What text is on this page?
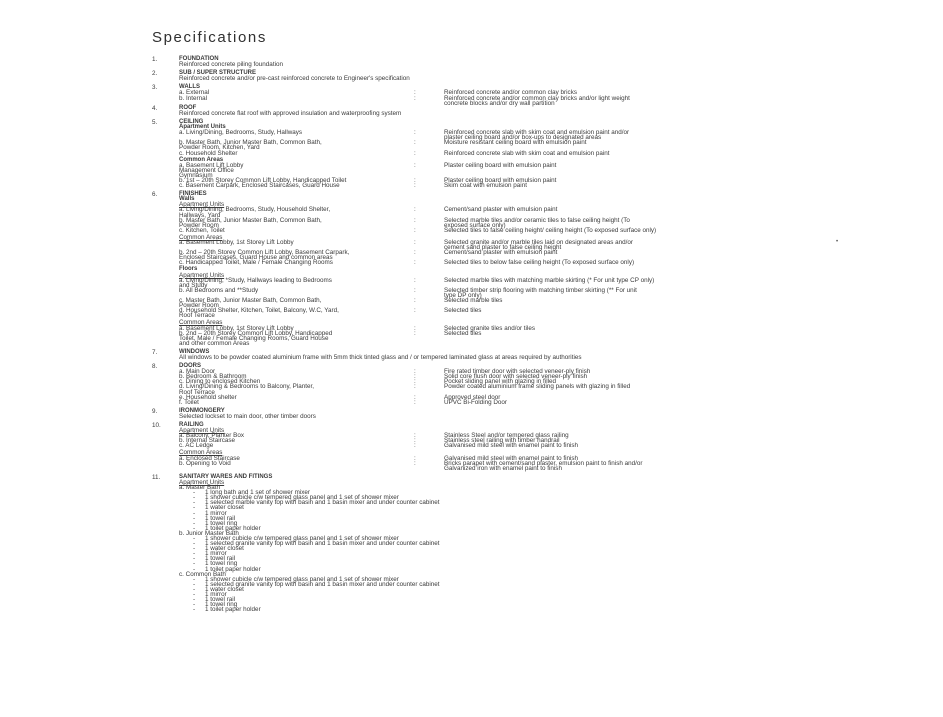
Specifications
1.	FOUNDATION
Reinforced concrete piling foundation
2.	SUB / SUPER STRUCTURE
Reinforced concrete and/or pre-cast reinforced concrete to Engineer's specification
3.	WALLS
a. External	:	Reinforced concrete and/or common clay bricks
b. Internal	:	Reinforced concrete and/or common clay bricks and/or light weight
concrete blocks and/or dry wall partition
4.	ROOF
Reinforced concrete flat roof with approved insulation and waterproofing system
5.	CEILING
Apartment Units
a. Living/Dining, Bedrooms, Study, Hallways	:	Reinforced concrete slab with skim coat and emulsion paint and/or
plaster ceiling board and/or box-ups to designated areas
b. Master Bath, Junior Master Bath, Common Bath,	:	Moisture resistant ceiling board with emulsion paint
Powder Room, Kitchen, Yard
c. Household Shelter	:	Reinforced concrete slab with skim coat and emulsion paint
Common Areas
a. Basement Lift Lobby	:	Plaster ceiling board with emulsion paint
Management Office
Gymnasium
b. 1st – 20th Storey Common Lift Lobby, Handicapped Toilet	:	Plaster ceiling board with emulsion paint
c. Basement Carpark, Enclosed Staircases, Guard House	:	Skim coat with emulsion paint
6.	FINISHES
Walls
Apartment Units
a. Living/Dining, Bedrooms, Study, Household Shelter,	:	Cement/sand plaster with emulsion paint
Hallways, Yard
b. Master Bath, Junior Master Bath, Common Bath,	:	Selected marble tiles and/or ceramic tiles to false ceiling height (To
Powder Room	exposed surface only)
c. Kitchen, Toilet	:	Selected tiles to false ceiling height/ ceiling height (To exposed surface only)
Common Areas
a. Basement Lobby, 1st Storey Lift Lobby	:	Selected granite and/or marble tiles laid on designated areas and/or
cement sand plaster to false ceiling height
b. 2nd – 20th Storey Common Lift Lobby, Basement Carpark,	:	Cement/sand plaster with emulsion paint
Enclosed Staircases, Guard House and common areas
c. Handicapped Toilet, Male / Female Changing Rooms	:	Selected tiles to below false ceiling height (To exposed surface only)
Floors
Apartment Units
a. Living/Dining, *Study, Hallways leading to Bedrooms	:	Selected marble tiles with matching marble skirting (* For unit type CP only)
and Study
b. All Bedrooms and **Study	:	Selected timber strip flooring with matching timber skirting (** For unit
type DP only)
c. Master Bath, Junior Master Bath, Common Bath,	:	Selected marble tiles
Powder Room
d. Household Shelter, Kitchen, Toilet, Balcony, W.C, Yard,	:	Selected tiles
Roof Terrace
Common Areas
a. Basement Lobby, 1st Storey Lift Lobby	:	Selected granite tiles and/or tiles
b. 2nd – 20th Storey Common Lift Lobby, Handicapped	:	Selected tiles
Toilet, Male / Female Changing Rooms, Guard House
and other common Areas
7.	WINDOWS
All windows to be powder coated aluminium frame with 5mm thick tinted glass and / or tempered laminated glass at areas required by authorities
8.	DOORS
a. Main Door	:	Fire rated timber door with selected veneer-ply finish
b. Bedroom & Bathroom	:	Solid core flush door with selected veneer-ply finish
c. Dining to enclosed Kitchen	:	Pocket sliding panel with glazing in filled
d. Living/Dining & Bedrooms to Balcony, Planter,	:	Powder coated aluminium frame sliding panels with glazing in filled
Roof Terrace
e. Household shelter	:	Approved steel door
f. Toilet	:	UPVC Bi-Folding Door
9.	IRONMONGERY
Selected lockset to main door, other timber doors
10.	RAILING
Apartment Units
a. Balcony, Planter Box	:	Stainless Steel and/or tempered glass railing
b. Internal Staircase	:	Stainless steel railing with timber handrail
c. AC Ledge	:	Galvanised mild steel with enamel paint to finish
Common Areas
a. Enclosed Staircase	:	Galvanised mild steel with enamel paint to finish
b. Opening to Void	:	Bricks parapet with cement/sand plaster, emulsion paint to finish and/or
Galvanized iron with enamel paint to finish
11.	SANITARY WARES AND FITINGS
Apartment Units
a. Master Bath
-	1 long bath and 1 set of shower mixer
-	1 shower cubicle c/w tempered glass panel and 1 set of shower mixer
-	1 selected marble vanity top with basin and 1 basin mixer and under counter cabinet
-	1 water closet
-	1 mirror
-	1 towel rail
-	1 towel ring
-	1 toilet paper holder
b. Junior Master Bath
-	1 shower cubicle c/w tempered glass panel and 1 set of shower mixer
-	1 selected granite vanity top with basin and 1 basin mixer and under counter cabinet
-	1 water closet
-	1 mirror
-	1 towel rail
-	1 towel ring
-	1 toilet paper holder
c. Common Bath
-	1 shower cubicle c/w tempered glass panel and 1 set of shower mixer
-	1 selected granite vanity top with basin and 1 basin mixer and under counter cabinet
-	1 water closet
-	1 mirror
-	1 towel rail
-	1 towel ring
-	1 toilet paper holder
•
